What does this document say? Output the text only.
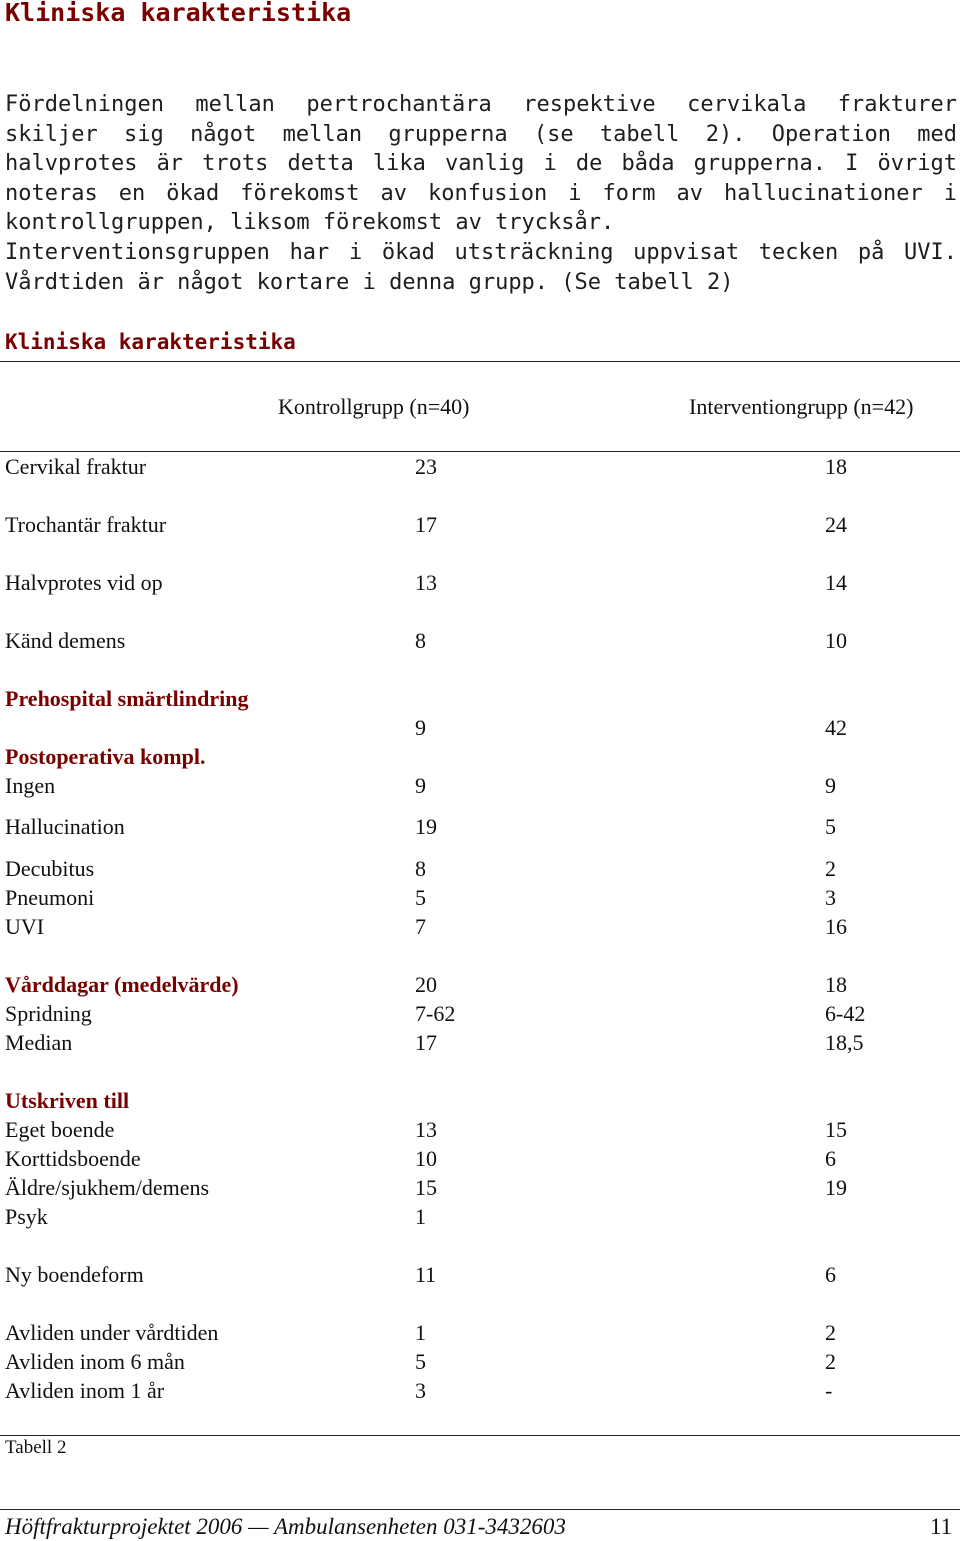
Kliniska karakteristika

Fördelningen mellan pertrochantära respektive cervikala frakturer skiljer sig något mellan grupperna (se tabell 2). Operation med halvprotes är trots detta lika vanlig i de båda grupperna. I övrigt noteras en ökad förekomst av konfusion i form av hallucinationer i kontrollgruppen, liksom förekomst av trycksår.

Interventionsgruppen har i ökad utsträckning uppvisat tecken på UVI.

Vårdtiden är något kortare i denna grupp. (Se tabell 2)

Kliniska karakteristika
Kontrollgrupp (n=40)	Interventiongrupp (n=42)
Cervikal fraktur	23	18
Trochantär fraktur	17	24
Halvprotes vid op	13	14
Känd demens	8	10
Prehospital smärtlindring
9	42
Postoperativa kompl.
Ingen	9	9
Hallucination	19	5
Decubitus	8	2
Pneumoni	5	3
UVI	7	16
Vårddagar (medelvärde)	20	18
Spridning	7-62	6-42
Median	17	18,5
Utskriven till
Eget boende	13	15
Korttidsboende	10	6
Äldre/sjukhem/demens	15	19
Psyk	1
Ny boendeform	11	6
Avliden under vårdtiden	1	2
Avliden inom 6 mån	5	2
Avliden inom 1 år	3	-
Tabell 2
Höftfrakturprojektet 2006 — Ambulansenheten 031-3432603	11
